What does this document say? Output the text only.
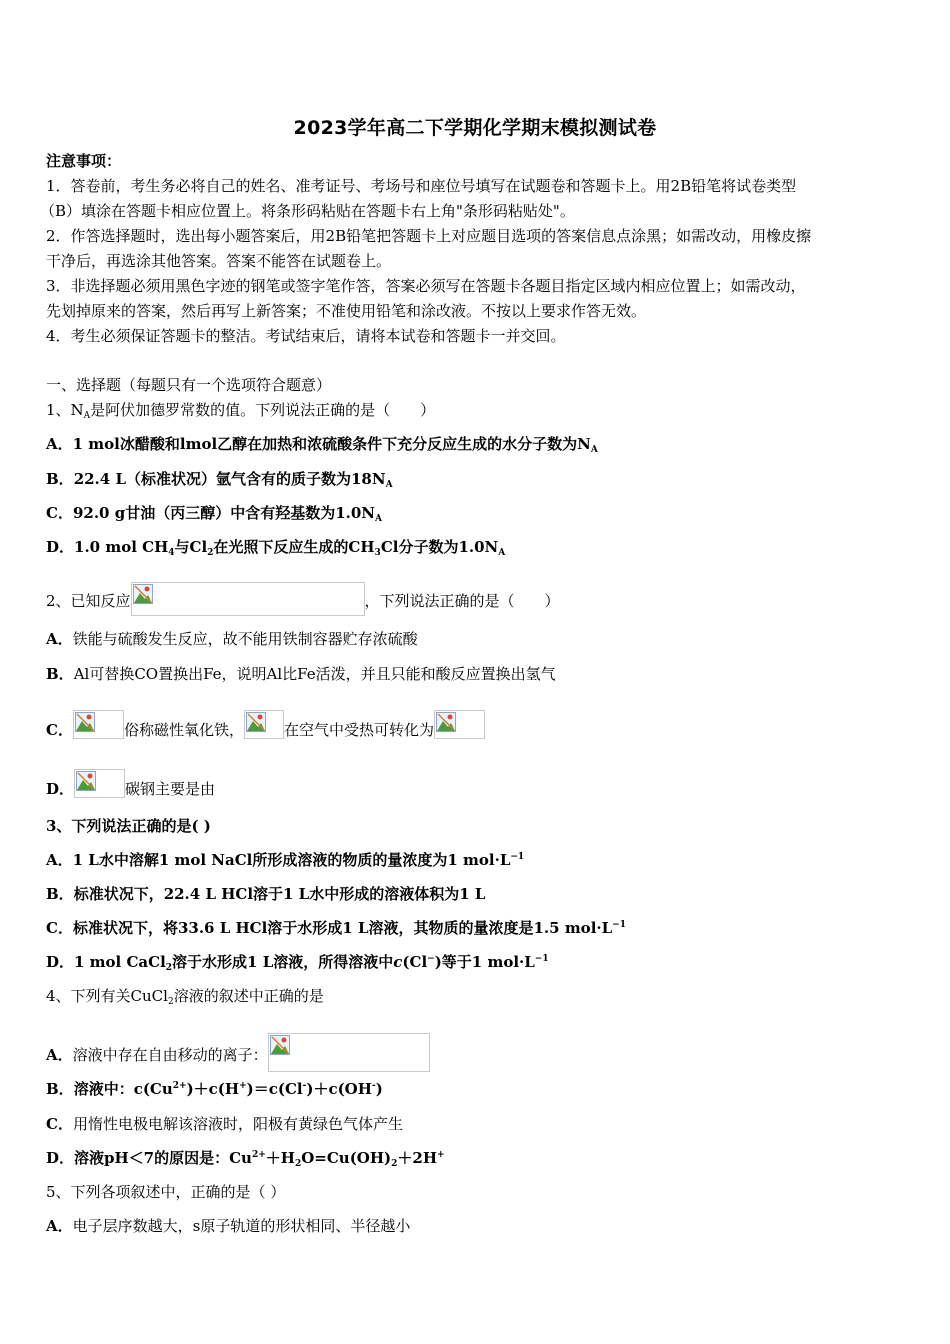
2023学年高二下学期化学期末模拟测试卷
注意事项：
1．答卷前，考生务必将自己的姓名、准考证号、考场号和座位号填写在试题卷和答题卡上。用2B铅笔将试卷类型
（B）填涂在答题卡相应位置上。将条形码粘贴在答题卡右上角"条形码粘贴处"。
2．作答选择题时，选出每小题答案后，用2B铅笔把答题卡上对应题目选项的答案信息点涂黑；如需改动，用橡皮擦
干净后，再选涂其他答案。答案不能答在试题卷上。
3．非选择题必须用黑色字迹的钢笔或签字笔作答，答案必须写在答题卡各题目指定区域内相应位置上；如需改动，
先划掉原来的答案，然后再写上新答案；不准使用铅笔和涂改液。不按以上要求作答无效。
4．考生必须保证答题卡的整洁。考试结束后，请将本试卷和答题卡一并交回。
一、选择题（每题只有一个选项符合题意）
1、$N_A$是阿伏加德罗常数的值。下列说法正确的是（　　）
A．1 mol冰醋酸和lmol乙醇在加热和浓硫酸条件下充分反应生成的水分子数为$N_A$
B．22.4 L（标准状况）氩气含有的质子数为$18N_A$
C．92.0 g甘油（丙三醇）中含有羟基数为$1.0N_A$
D．1.0 mol $CH_4$与$Cl_2$在光照下反应生成的$CH_3Cl$分子数为$1.0N_A$
2、已知反应	，下列说法正确的是（　　）
A．铁能与硫酸发生反应，故不能用铁制容器贮存浓硫酸
B．Al可替换CO置换出Fe，说明Al比Fe活泼，并且只能和酸反应置换出氢气
C．	俗称磁性氧化铁，	在空气中受热可转化为
D．	碳钢主要是由
3、下列说法正确的是( )
A．1 L水中溶解1 mol NaCl所形成溶液的物质的量浓度为1 $mol\cdot L^{-1}$
B．标准状况下，22.4 L HCl溶于1 L水中形成的溶液体积为1 L
C．标准状况下，将33.6 L HCl溶于水形成1 L溶液，其物质的量浓度是1.5 $mol\cdot L^{-1}$
D．1 mol CaCl$_2$溶于水形成1 L溶液，所得溶液中c(Cl−)等于1 $mol\cdot L^{-1}$
4、下列有关CuCl$_2$溶液的叙述中正确的是
A．溶液中存在自由移动的离子：
B．溶液中：$c(Cu^{2+})+c(H^+)=c(Cl^-)+c(OH^-)$
C．用惰性电极电解该溶液时，阳极有黄绿色气体产生
D．溶液pH＜7的原因是：$Cu^{2+}+H_2O=Cu(OH)_2+2H^+$
5、下列各项叙述中，正确的是（ ）
A．电子层序数越大，s原子轨道的形状相同、半径越小
